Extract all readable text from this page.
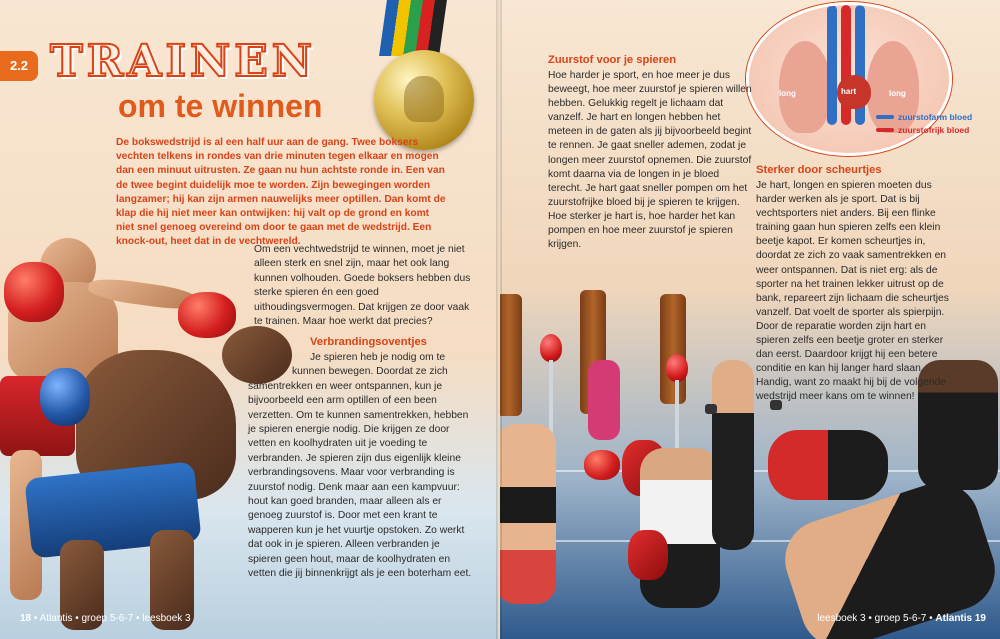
2.2 TRAINEN
om te winnen

De bokswedstrijd is al een half uur aan de gang. Twee boksers vechten telkens in rondes van drie minuten tegen elkaar en mogen dan een minuut uitrusten. Ze gaan nu hun achtste ronde in. Een van de twee begint duidelijk moe te worden. Zijn bewegingen worden langzamer; hij kan zijn armen nauwelijks meer optillen. Dan komt de klap die hij niet meer kan ontwijken: hij valt op de grond en komt niet snel genoeg overeind om door te gaan met de wedstrijd. Een knock-out, heet dat in de vechtwereld.

Om een vechtwedstrijd te winnen, moet je niet alleen sterk en snel zijn, maar het ook lang kunnen volhouden. Goede boksers hebben dus sterke spieren én een goed uithoudingsvermogen. Dat krijgen ze door vaak te trainen. Maar hoe werkt dat precies?

Verbrandingsoventjes

Je spieren heb je nodig om te
kunnen bewegen. Doordat ze zich
samentrekken en weer ontspannen, kun je bijvoorbeeld een arm optillen of een been verzetten. Om te kunnen samentrekken, hebben je spieren energie nodig. Die krijgen ze door vetten en koolhydraten uit je voeding te verbranden. Je spieren zijn dus eigenlijk kleine verbrandingsovens. Maar voor verbranding is zuurstof nodig. Denk maar aan een kampvuur: hout kan goed branden, maar alleen als er genoeg zuurstof is. Door met een krant te wapperen kun je het vuurtje opstoken. Zo werkt dat ook in je spieren. Alleen verbranden je spieren geen hout, maar de koolhydraten en vetten die jij binnenkrijgt als je een boterham eet.

18 • Atlantis • groep 5-6-7 • leesboek 3
long	hart	long
zuurstofarm bloed
zuurstofrijk bloed

Zuurstof voor je spieren

Hoe harder je sport, en hoe meer je dus beweegt, hoe meer zuurstof je spieren willen hebben. Gelukkig regelt je lichaam dat vanzelf. Je hart en longen hebben het meteen in de gaten als jij bijvoorbeeld begint te rennen. Je gaat sneller ademen, zodat je longen meer zuurstof opnemen. Die zuurstof komt daarna via de longen in je bloed terecht. Je hart gaat sneller pompen om het zuurstofrijke bloed bij je spieren te krijgen. Hoe sterker je hart is, hoe harder het kan pompen en hoe meer zuurstof je spieren krijgen.

Sterker door scheurtjes

Je hart, longen en spieren moeten dus harder werken als je sport. Dat is bij vechtsporters niet anders. Bij een flinke training gaan hun spieren zelfs een klein beetje kapot. Er komen scheurtjes in, doordat ze zich zo vaak samentrekken en weer ontspannen. Dat is niet erg: als de sporter na het trainen lekker uitrust op de bank, repareert zijn lichaam die scheurtjes vanzelf. Dat voelt de sporter als spierpijn. Door de reparatie worden zijn hart en spieren zelfs een beetje groter en sterker dan eerst. Daardoor krijgt hij een betere conditie en kan hij langer hard slaan. Handig, want zo maakt hij bij de volgende wedstrijd meer kans om te winnen!

leesboek 3 • groep 5-6-7 • Atlantis 19
